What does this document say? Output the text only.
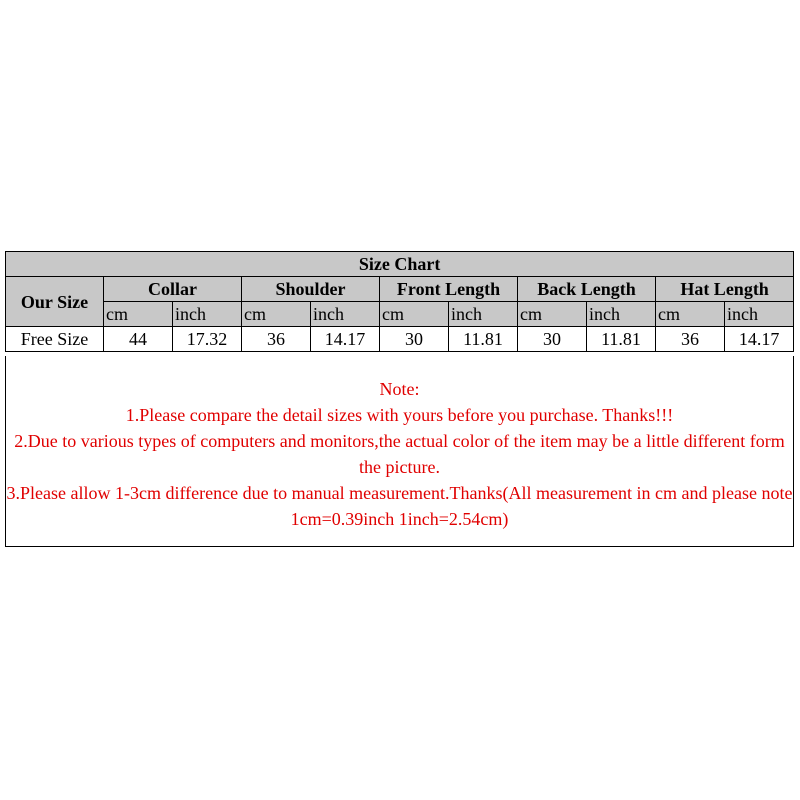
Size Chart										
Our Size	Collar		Shoulder		Front Length		Back Length		Hat Length	
	cm	inch	cm	inch	cm	inch	cm	inch	cm	inch
Free Size	44	17.32	36	14.17	30	11.81	30	11.81	36	14.17
Note:
1.Please compare the detail sizes with yours before you purchase. Thanks!!!
2.Due to various types of computers and monitors,the actual color of the item may be a little different form the picture.
3.Please allow 1-3cm difference due to manual measurement.Thanks(All measurement in cm and please note 1cm=0.39inch 1inch=2.54cm)
